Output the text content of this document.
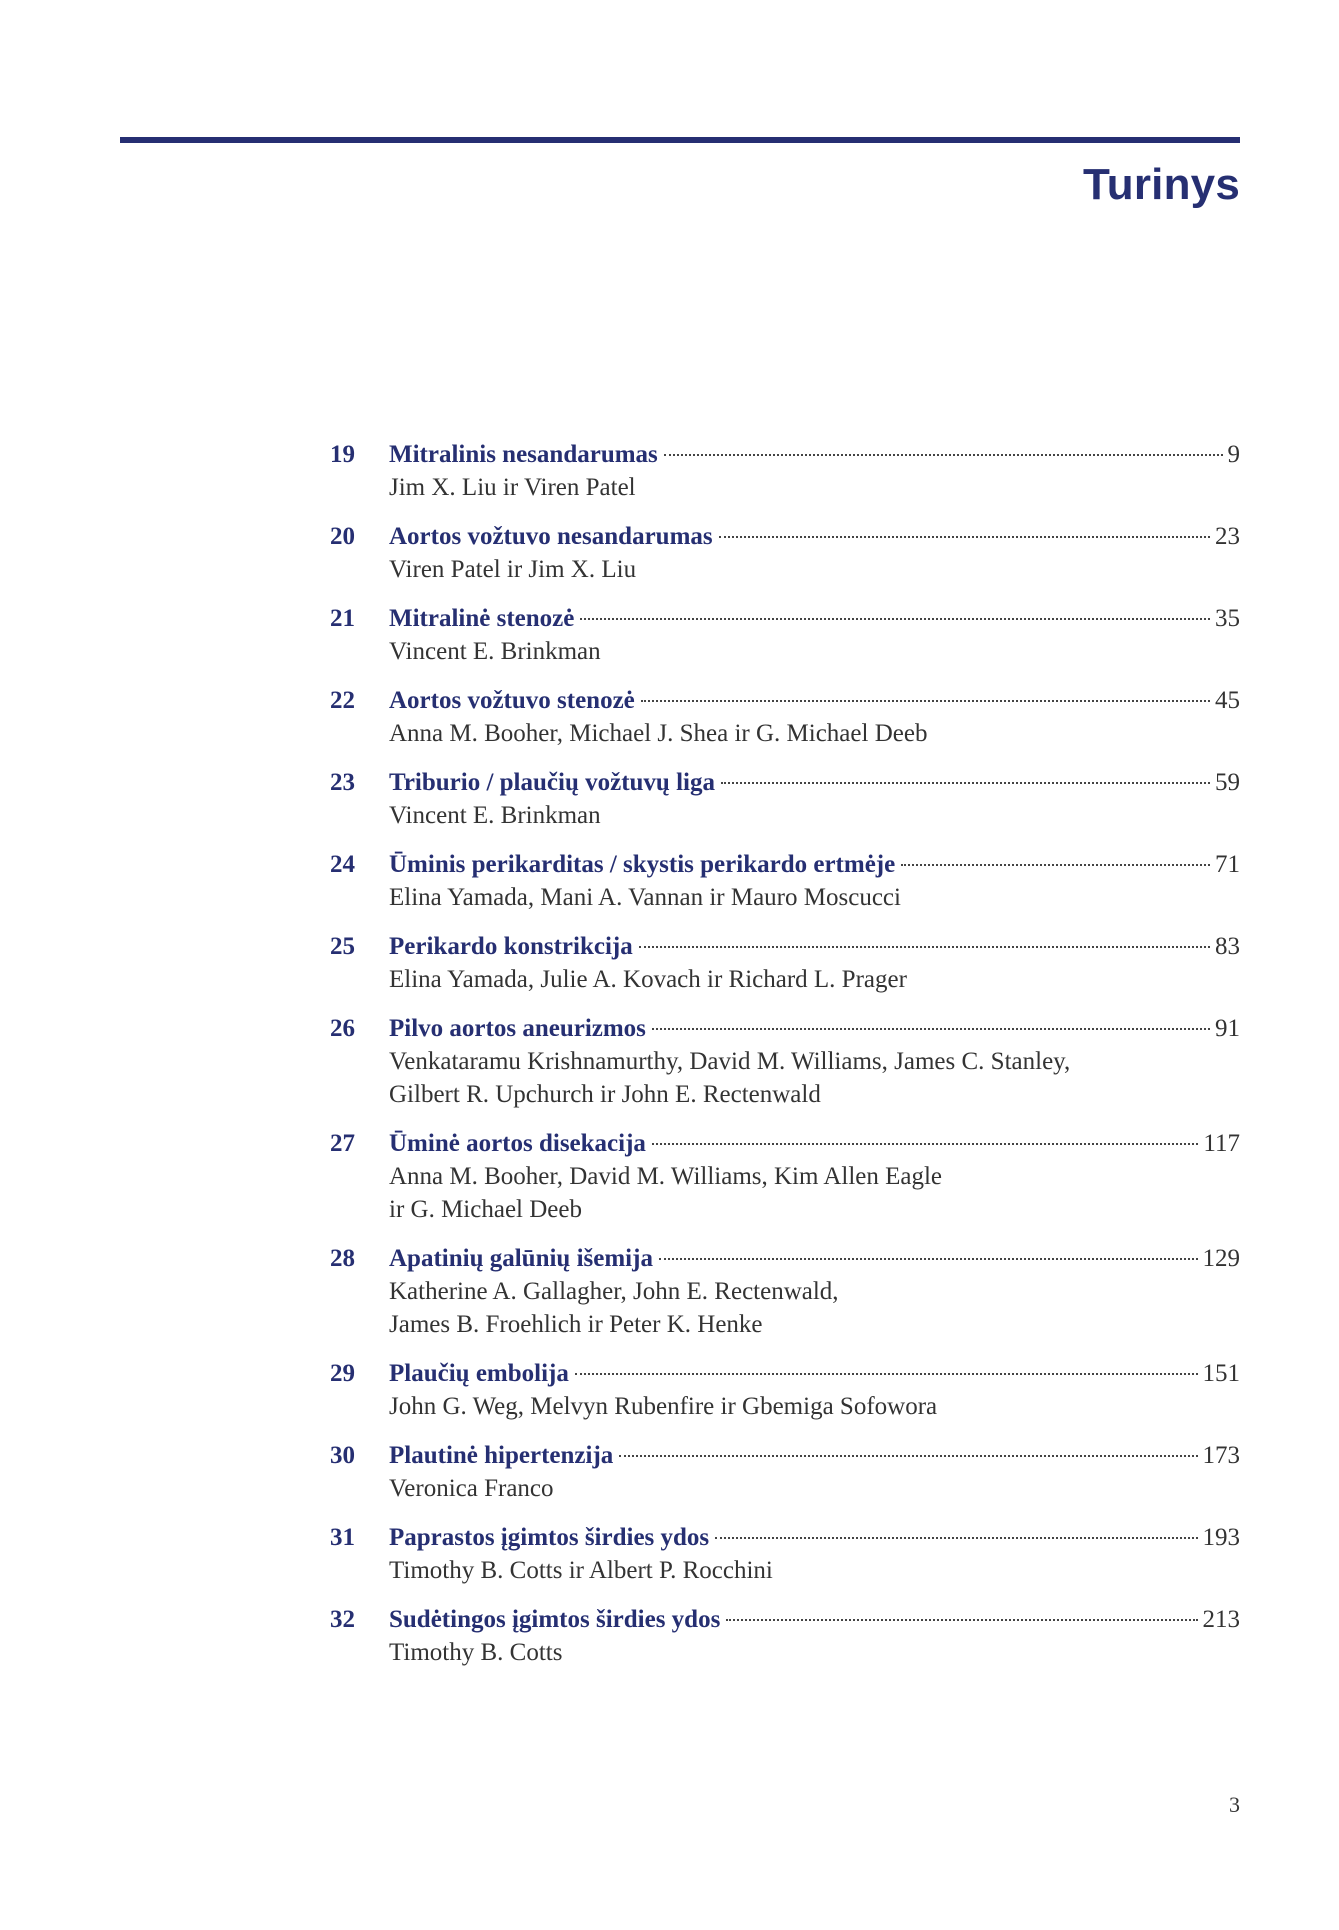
Turinys
19 Mitralinis nesandarumas	9
Jim X. Liu ir Viren Patel
20 Aortos vožtuvo nesandarumas	23
Viren Patel ir Jim X. Liu
21 Mitralinė stenozė	35
Vincent E. Brinkman
22 Aortos vožtuvo stenozė	45
Anna M. Booher, Michael J. Shea ir G. Michael Deeb
23 Triburio / plaučių vožtuvų liga	59
Vincent E. Brinkman
24 Ūminis perikarditas / skystis perikardo ertmėje	71
Elina Yamada, Mani A. Vannan ir Mauro Moscucci
25 Perikardo konstrikcija	83
Elina Yamada, Julie A. Kovach ir Richard L. Prager
26 Pilvo aortos aneurizmos	91
Venkataramu Krishnamurthy, David M. Williams, James C. Stanley,
Gilbert R. Upchurch ir John E. Rectenwald
27 Ūminė aortos disekacija	117
Anna M. Booher, David M. Williams, Kim Allen Eagle
ir G. Michael Deeb
28 Apatinių galūnių išemija	129
Katherine A. Gallagher, John E. Rectenwald,
James B. Froehlich ir Peter K. Henke
29 Plaučių embolija	151
John G. Weg, Melvyn Rubenfire ir Gbemiga Sofowora
30 Plautinė hipertenzija	173
Veronica Franco
31 Paprastos įgimtos širdies ydos	193
Timothy B. Cotts ir Albert P. Rocchini
32 Sudėtingos įgimtos širdies ydos	213
Timothy B. Cotts
3
